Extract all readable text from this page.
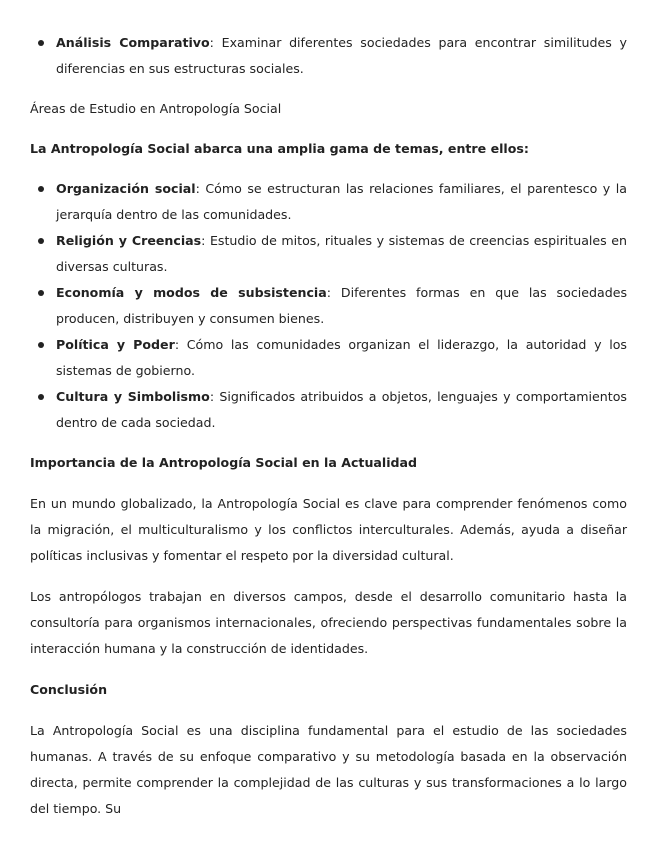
Análisis Comparativo: Examinar diferentes sociedades para encontrar similitudes y diferencias en sus estructuras sociales.

Áreas de Estudio en Antropología Social

La Antropología Social abarca una amplia gama de temas, entre ellos:

Organización social: Cómo se estructuran las relaciones familiares, el parentesco y la jerarquía dentro de las comunidades.
Religión y Creencias: Estudio de mitos, rituales y sistemas de creencias espirituales en diversas culturas.
Economía y modos de subsistencia: Diferentes formas en que las sociedades producen, distribuyen y consumen bienes.
Política y Poder: Cómo las comunidades organizan el liderazgo, la autoridad y los sistemas de gobierno.
Cultura y Simbolismo: Significados atribuidos a objetos, lenguajes y comportamientos dentro de cada sociedad.

Importancia de la Antropología Social en la Actualidad

En un mundo globalizado, la Antropología Social es clave para comprender fenómenos como la migración, el multiculturalismo y los conflictos interculturales. Además, ayuda a diseñar políticas inclusivas y fomentar el respeto por la diversidad cultural.

Los antropólogos trabajan en diversos campos, desde el desarrollo comunitario hasta la consultoría para organismos internacionales, ofreciendo perspectivas fundamentales sobre la interacción humana y la construcción de identidades.

Conclusión

La Antropología Social es una disciplina fundamental para el estudio de las sociedades humanas. A través de su enfoque comparativo y su metodología basada en la observación directa, permite comprender la complejidad de las culturas y sus transformaciones a lo largo del tiempo. Su
